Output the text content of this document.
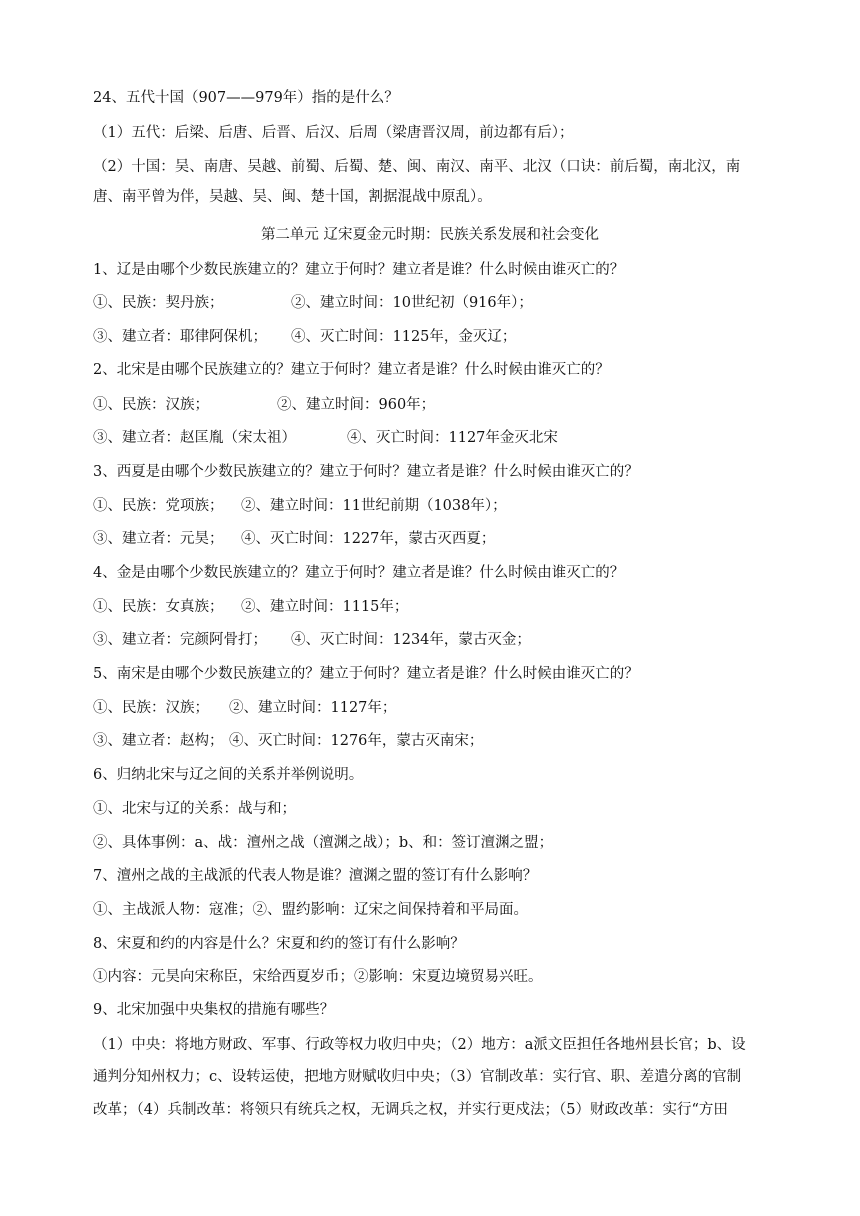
24、五代十国（907——979年）指的是什么？
（1）五代：后梁、后唐、后晋、后汉、后周（梁唐晋汉周，前边都有后）；
（2）十国：吴、南唐、吴越、前蜀、后蜀、楚、闽、南汉、南平、北汉（口诀：前后蜀，南北汉，南
唐、南平曾为伴，吴越、吴、闽、楚十国，割据混战中原乱）。
第二单元 辽宋夏金元时期：民族关系发展和社会变化
1、辽是由哪个少数民族建立的？建立于何时？建立者是谁？什么时候由谁灭亡的？
①、民族：契丹族；	②、建立时间：10世纪初（916年）；
③、建立者：耶律阿保机； ④、灭亡时间：1125年，金灭辽；
2、北宋是由哪个民族建立的？建立于何时？建立者是谁？什么时候由谁灭亡的？
①、民族：汉族；	②、建立时间：960年；
③、建立者：赵匡胤（宋太祖）	④、灭亡时间：1127年金灭北宋
3、西夏是由哪个少数民族建立的？建立于何时？建立者是谁？什么时候由谁灭亡的？
①、民族：党项族； ②、建立时间：11世纪前期（1038年）；
③、建立者：元昊； ④、灭亡时间：1227年，蒙古灭西夏；
4、金是由哪个少数民族建立的？建立于何时？建立者是谁？什么时候由谁灭亡的？
①、民族：女真族； ②、建立时间：1115年；
③、建立者：完颜阿骨打； ④、灭亡时间：1234年，蒙古灭金；
5、南宋是由哪个少数民族建立的？建立于何时？建立者是谁？什么时候由谁灭亡的？
①、民族：汉族； ②、建立时间：1127年；
③、建立者：赵构； ④、灭亡时间：1276年，蒙古灭南宋；
6、归纳北宋与辽之间的关系并举例说明。
①、北宋与辽的关系：战与和；
②、具体事例：a、战：澶州之战（澶渊之战）；b、和：签订澶渊之盟；
7、澶州之战的主战派的代表人物是谁？澶渊之盟的签订有什么影响？
①、主战派人物：寇准；②、盟约影响：辽宋之间保持着和平局面。
8、宋夏和约的内容是什么？宋夏和约的签订有什么影响？
①内容：元昊向宋称臣，宋给西夏岁币；②影响：宋夏边境贸易兴旺。
9、北宋加强中央集权的措施有哪些？
（1）中央：将地方财政、军事、行政等权力收归中央；（2）地方：a派文臣担任各地州县长官；b、设
通判分知州权力；c、设转运使，把地方财赋收归中央；（3）官制改革：实行官、职、差遣分离的官制
改革；（4）兵制改革：将领只有统兵之权，无调兵之权，并实行更戍法；（5）财政改革：实行“方田
